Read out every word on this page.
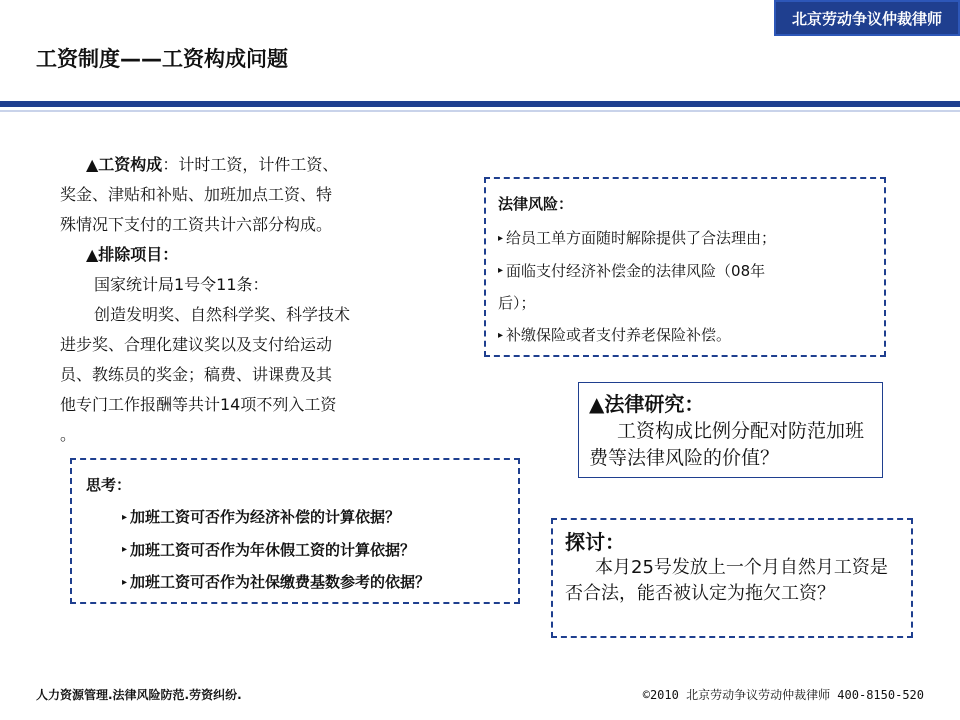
北京劳动争议仲裁律师
工资制度——工资构成问题
▲工资构成：计时工资，计件工资、
奖金、津贴和补贴、加班加点工资、特
殊情况下支付的工资共计六部分构成。
▲排除项目：
国家统计局1号令11条：
创造发明奖、自然科学奖、科学技术
进步奖、合理化建议奖以及支付给运动
员、教练员的奖金；稿费、讲课费及其
他专门工作报酬等共计14项不列入工资
。
法律风险：
▸ 给员工单方面随时解除提供了合法理由；
▸ 面临支付经济补偿金的法律风险（08年
后）；
▸ 补缴保险或者支付养老保险补偿。
▲法律研究：
工资构成比例分配对防范加班费等法律风险的价值？
思考：
▸ 加班工资可否作为经济补偿的计算依据？
▸ 加班工资可否作为年休假工资的计算依据？
▸ 加班工资可否作为社保缴费基数参考的依据？
探讨：
本月25号发放上一个月自然月工资是否合法，能否被认定为拖欠工资？
人力资源管理.法律风险防范.劳资纠纷.	©2010 北京劳动争议劳动仲裁律师 400-8150-520
